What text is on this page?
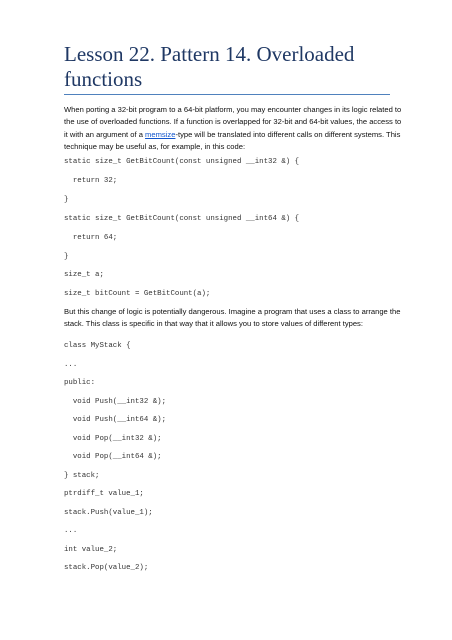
Lesson 22. Pattern 14. Overloaded functions

When porting a 32-bit program to a 64-bit platform, you may encounter changes in its logic related to the use of overloaded functions. If a function is overlapped for 32-bit and 64-bit values, the access to it with an argument of a memsize-type will be translated into different calls on different systems. This technique may be useful as, for example, in this code:

static size_t GetBitCount(const unsigned __int32 &) {
return 32;
}
static size_t GetBitCount(const unsigned __int64 &) {
return 64;
}
size_t a;
size_t bitCount = GetBitCount(a);

But this change of logic is potentially dangerous. Imagine a program that uses a class to arrange the stack. This class is specific in that way that it allows you to store values of different types:

class MyStack {
...
public:
void Push(__int32 &);
void Push(__int64 &);
void Pop(__int32 &);
void Pop(__int64 &);
} stack;
ptrdiff_t value_1;
stack.Push(value_1);
...
int value_2;
stack.Pop(value_2);
